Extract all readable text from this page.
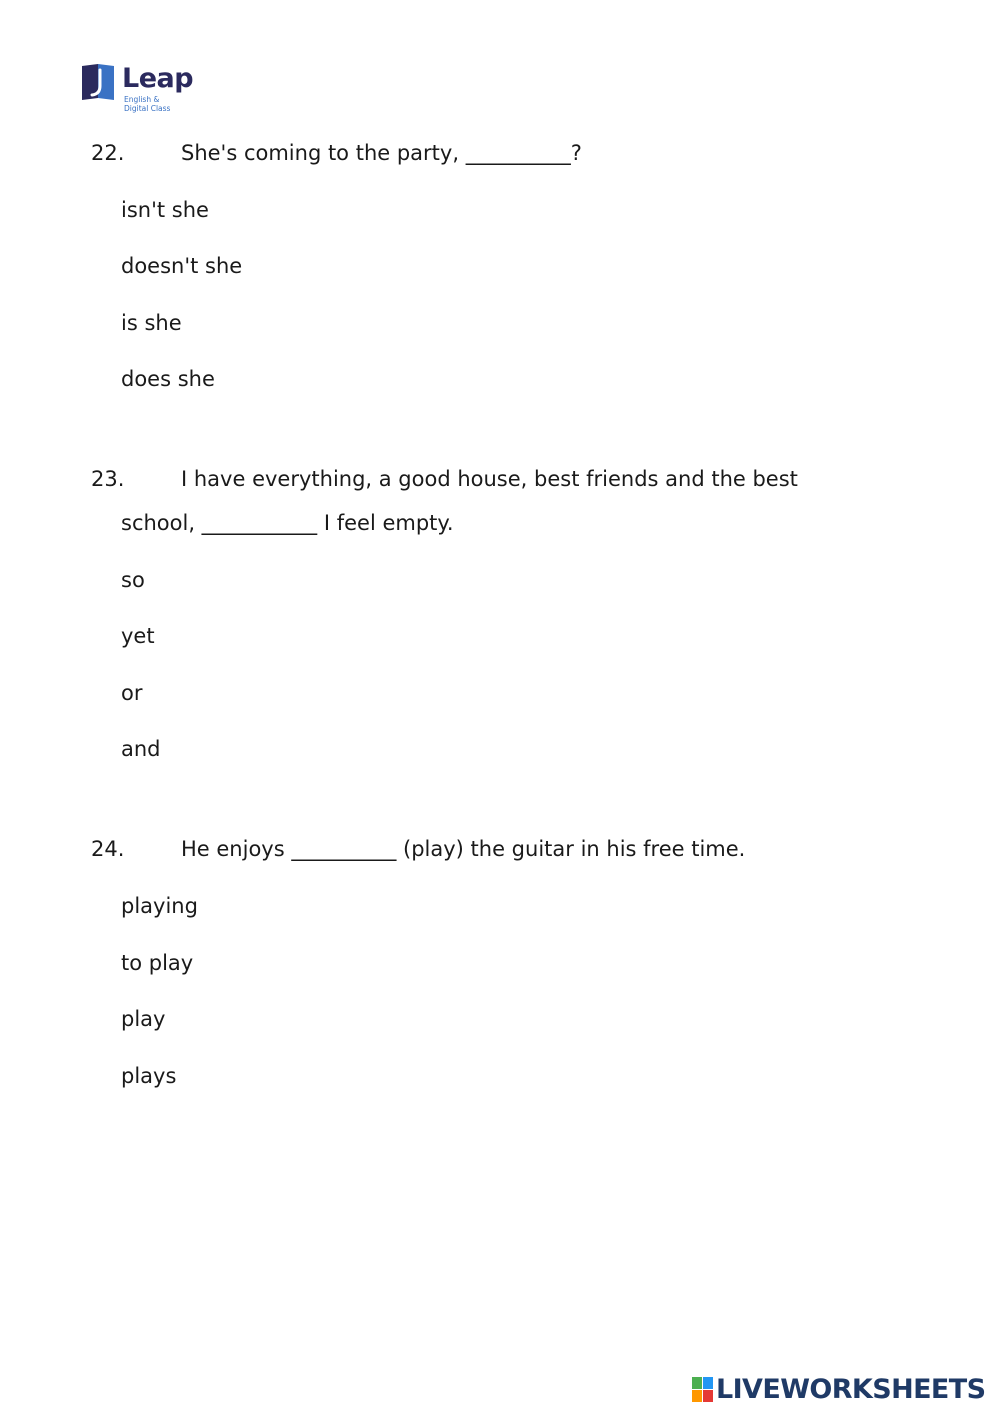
Leap
English &
Digital Class
22.	She's coming to the party, __________?
isn't she
doesn't she
is she
does she
23.	I have everything, a good house, best friends and the best
school, ___________ I feel empty.
so
yet
or
and
24.	He enjoys __________ (play) the guitar in his free time.
playing
to play
play
plays
LIVEWORKSHEETS
